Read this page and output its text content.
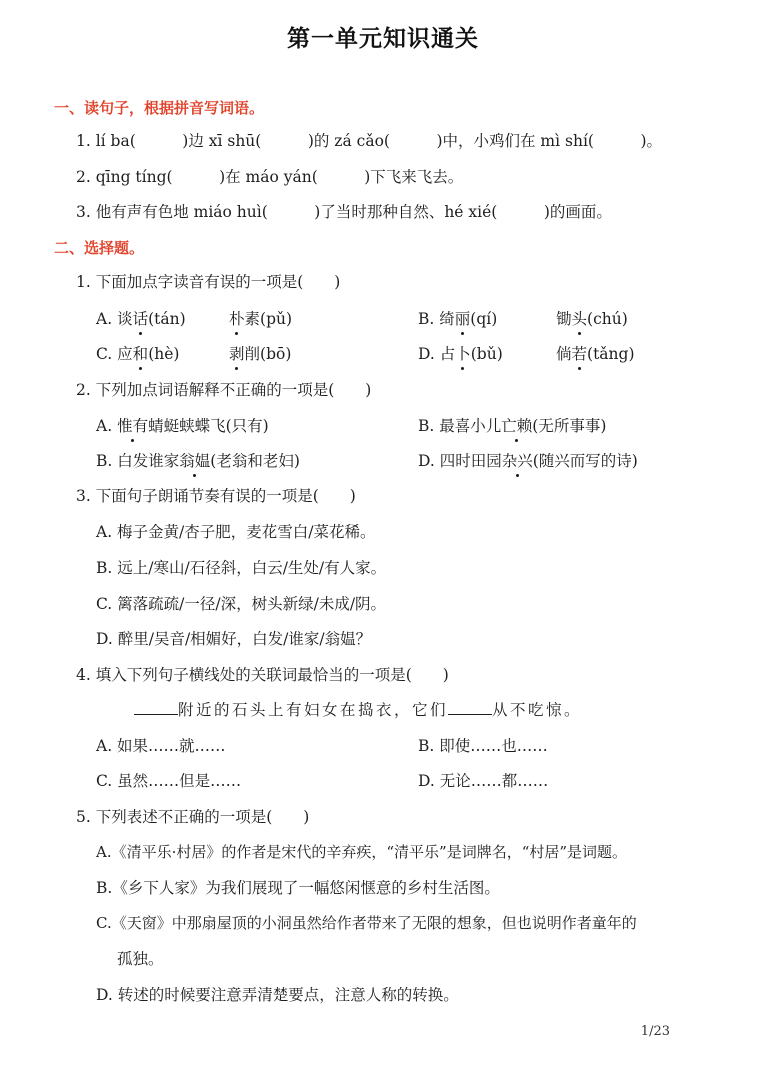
第一单元知识通关
一、读句子，根据拼音写词语。
1. lí ba(　　　)边 xī shū(　　　)的 zá cǎo(　　　)中，小鸡们在 mì shí(　　　)。
2. qīng tíng(　　　)在 máo yán(　　　)下飞来飞去。
3. 他有声有色地 miáo huì(　　　)了当时那种自然、hé xié(　　　)的画面。
二、选择题。
1. 下面加点字读音有误的一项是(　　)
A. 谈话(tán)	朴素(pǔ)	B. 绮丽(qí)	锄头(chú)
C. 应和(hè)	剥削(bō)	D. 占卜(bǔ)	倘若(tǎng)
2. 下列加点词语解释不正确的一项是(　　)
A. 惟有蜻蜓蛱蝶飞(只有)	B. 最喜小儿亡赖(无所事事)
B. 白发谁家翁媪(老翁和老妇)	D. 四时田园杂兴(随兴而写的诗)
3. 下面句子朗诵节奏有误的一项是(　　)
A. 梅子金黄/杏子肥，麦花雪白/菜花稀。
B. 远上/寒山/石径斜，白云/生处/有人家。
C. 篱落疏疏/一径/深，树头新绿/未成/阴。
D. 醉里/吴音/相媚好，白发/谁家/翁媪？
4. 填入下列句子横线处的关联词最恰当的一项是(　　)
附近的石头上有妇女在捣衣，它们	从不吃惊。
A. 如果……就……	B. 即使……也……
C. 虽然……但是……	D. 无论……都……
5. 下列表述不正确的一项是(　　)
A.《清平乐·村居》的作者是宋代的辛弃疾，“清平乐”是词牌名，“村居”是词题。
B.《乡下人家》为我们展现了一幅悠闲惬意的乡村生活图。
C.《天窗》中那扇屋顶的小洞虽然给作者带来了无限的想象，但也说明作者童年的
孤独。
D. 转述的时候要注意弄清楚要点，注意人称的转换。
1/23
